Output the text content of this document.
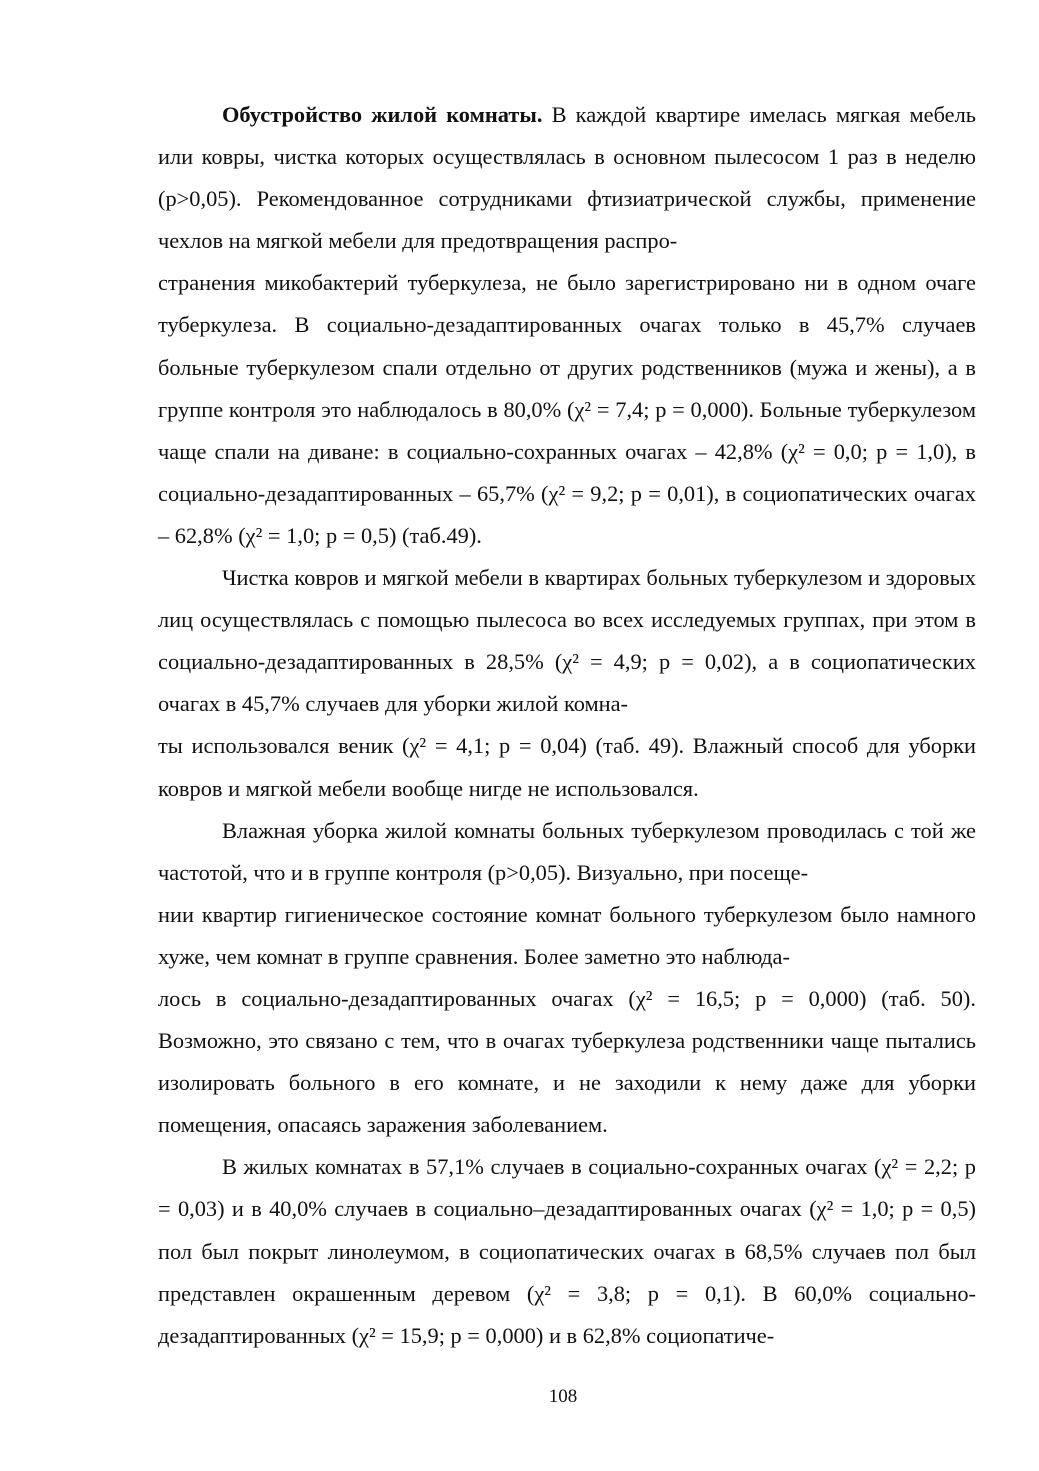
Обустройство жилой комнаты. В каждой квартире имелась мягкая мебель или ковры, чистка которых осуществлялась в основном пылесосом 1 раз в неделю (р>0,05). Рекомендованное сотрудниками фтизиатрической службы, применение чехлов на мягкой мебели для предотвращения распро-
странения микобактерий туберкулеза, не было зарегистрировано ни в одном очаге туберкулеза. В социально-дезадаптированных очагах только в 45,7% случаев больные туберкулезом спали отдельно от других родственников (мужа и жены), а в группе контроля это наблюдалось в 80,0% (χ² = 7,4; р = 0,000). Больные туберкулезом чаще спали на диване: в социально-сохранных очагах – 42,8% (χ² = 0,0; р = 1,0), в социально-дезадаптированных – 65,7% (χ² = 9,2; р = 0,01), в социопатических очагах – 62,8% (χ² = 1,0; р = 0,5) (таб.49).

Чистка ковров и мягкой мебели в квартирах больных туберкулезом и здоровых лиц осуществлялась с помощью пылесоса во всех исследуемых группах, при этом в социально-дезадаптированных в 28,5% (χ² = 4,9; р = 0,02), а в социопатических очагах в 45,7% случаев для уборки жилой комна-
ты использовался веник (χ² = 4,1; р = 0,04) (таб. 49). Влажный способ для уборки ковров и мягкой мебели вообще нигде не использовался.

Влажная уборка жилой комнаты больных туберкулезом проводилась с той же частотой, что и в группе контроля (р>0,05). Визуально, при посеще-
нии квартир гигиеническое состояние комнат больного туберкулезом было намного хуже, чем комнат в группе сравнения. Более заметно это наблюда-
лось в социально-дезадаптированных очагах (χ² = 16,5; р = 0,000) (таб. 50). Возможно, это связано с тем, что в очагах туберкулеза родственники чаще пытались изолировать больного в его комнате, и не заходили к нему даже для уборки помещения, опасаясь заражения заболеванием.

В жилых комнатах в 57,1% случаев в социально-сохранных очагах (χ² = 2,2; р = 0,03) и в 40,0% случаев в социально–дезадаптированных очагах (χ² = 1,0; р = 0,5) пол был покрыт линолеумом, в социопатических очагах в 68,5% случаев пол был представлен окрашенным деревом (χ² = 3,8; р = 0,1). В 60,0% социально-дезадаптированных (χ² = 15,9; р = 0,000) и в 62,8% социопатиче-

108
